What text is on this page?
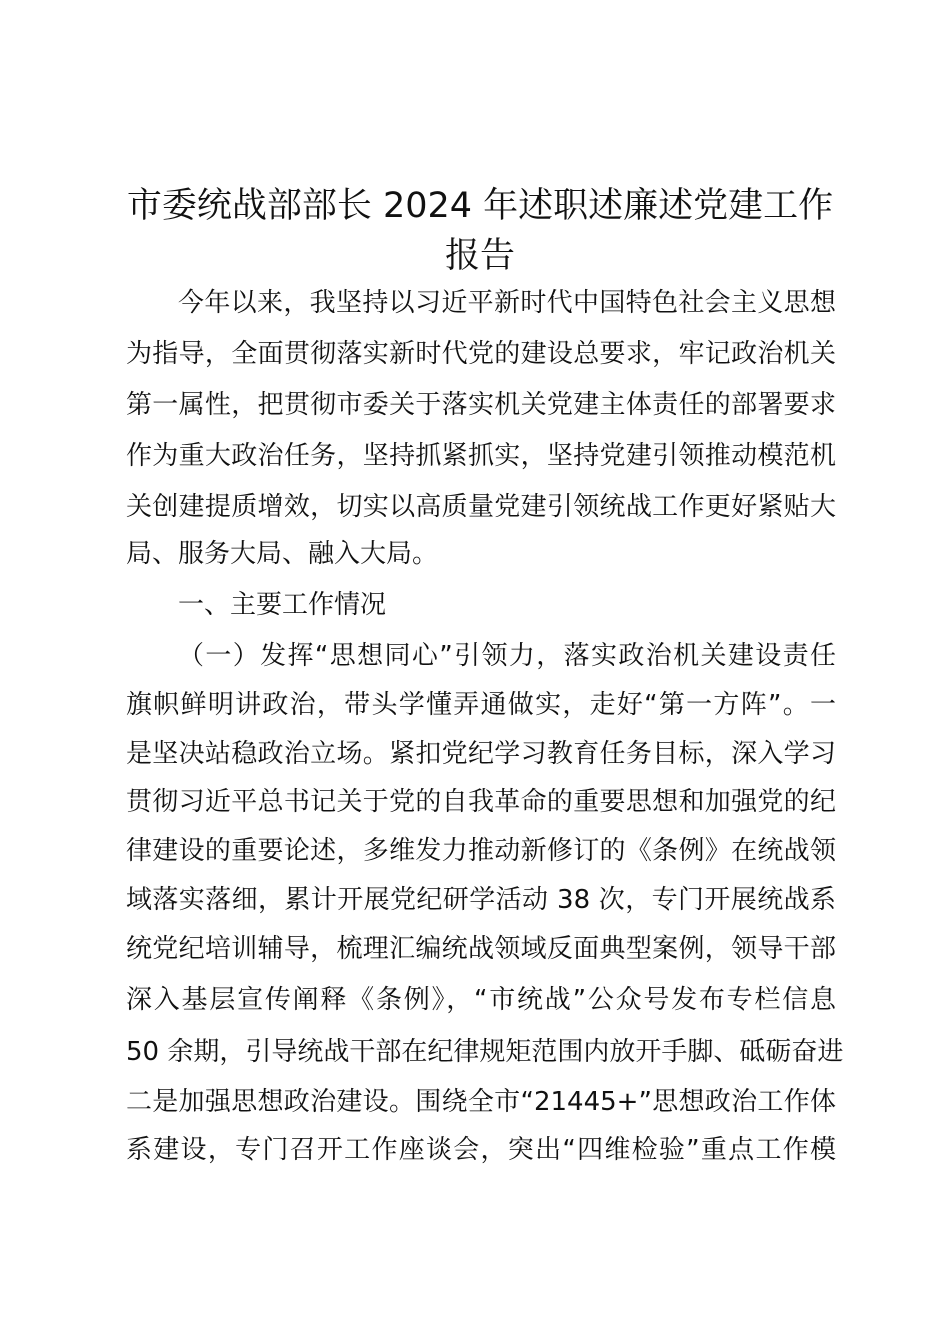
市委统战部部长 2024 年述职述廉述党建工作
报告
今年以来，我坚持以习近平新时代中国特色社会主义思想
为指导，全面贯彻落实新时代党的建设总要求，牢记政治机关
第一属性，把贯彻市委关于落实机关党建主体责任的部署要求
作为重大政治任务，坚持抓紧抓实，坚持党建引领推动模范机
关创建提质增效，切实以高质量党建引领统战工作更好紧贴大
局、服务大局、融入大局。
一、主要工作情况
（一）发挥“思想同心”引领力，落实政治机关建设责任
旗帜鲜明讲政治，带头学懂弄通做实，走好“第一方阵”。一
是坚决站稳政治立场。紧扣党纪学习教育任务目标，深入学习
贯彻习近平总书记关于党的自我革命的重要思想和加强党的纪
律建设的重要论述，多维发力推动新修订的《条例》在统战领
域落实落细，累计开展党纪研学活动 38 次，专门开展统战系
统党纪培训辅导，梳理汇编统战领域反面典型案例，领导干部
深入基层宣传阐释《条例》，“市统战”公众号发布专栏信息
50 余期，引导统战干部在纪律规矩范围内放开手脚、砥砺奋进
二是加强思想政治建设。围绕全市“21445+”思想政治工作体
系建设，专门召开工作座谈会，突出“四维检验”重点工作模
